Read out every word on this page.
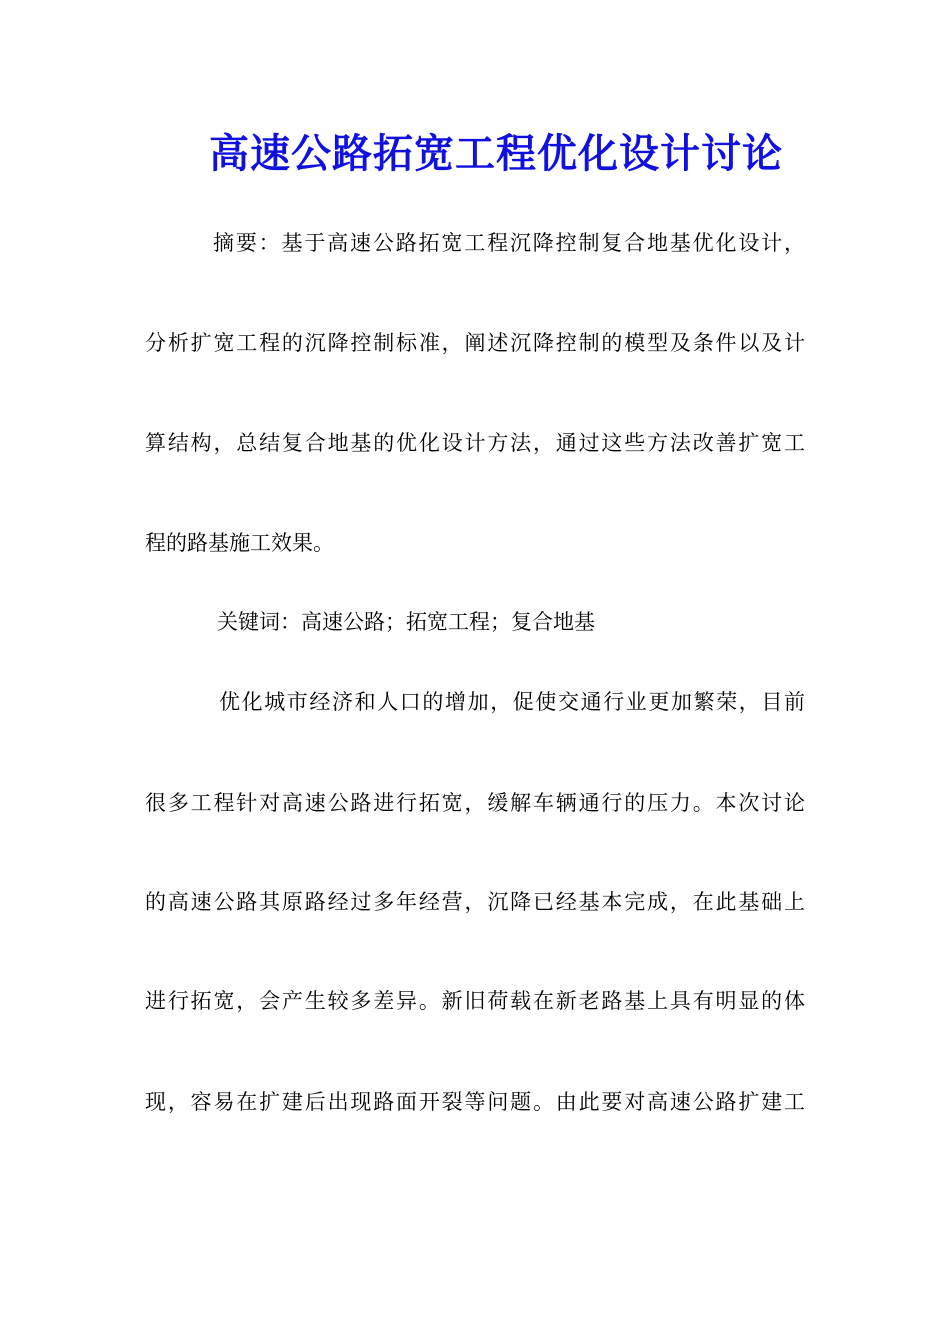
高速公路拓宽工程优化设计讨论
摘要：基于高速公路拓宽工程沉降控制复合地基优化设计，
分析扩宽工程的沉降控制标准，阐述沉降控制的模型及条件以及计
算结构，总结复合地基的优化设计方法，通过这些方法改善扩宽工
程的路基施工效果。
关键词：高速公路；拓宽工程；复合地基
优化城市经济和人口的增加，促使交通行业更加繁荣，目前
很多工程针对高速公路进行拓宽，缓解车辆通行的压力。本次讨论
的高速公路其原路经过多年经营，沉降已经基本完成，在此基础上
进行拓宽，会产生较多差异。新旧荷载在新老路基上具有明显的体
现，容易在扩建后出现路面开裂等问题。由此要对高速公路扩建工
